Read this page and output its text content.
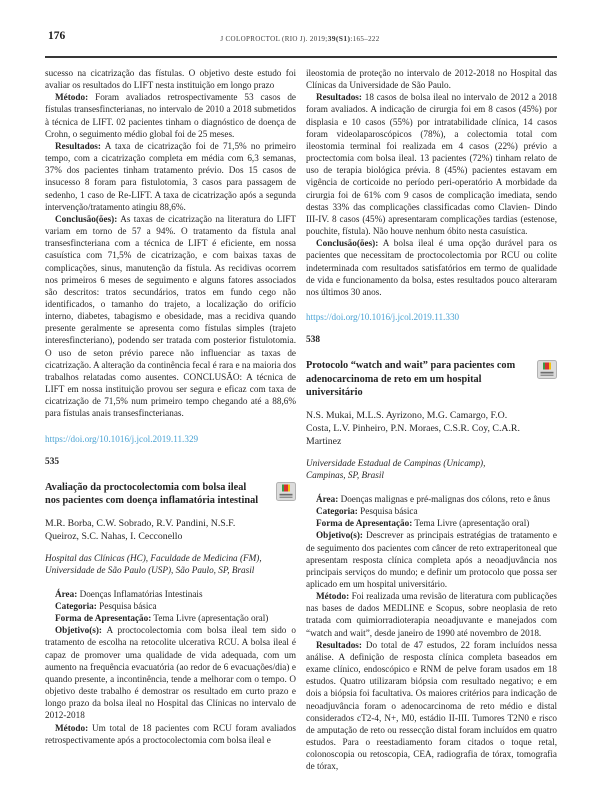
176	J COLOPROCTOL (RIO J). 2019;39(S1):165–222

sucesso na cicatrização das fístulas. O objetivo deste estudo foi avaliar os resultados do LIFT nesta instituição em longo prazo

Método: Foram avaliados retrospectivamente 53 casos de fístulas transesfincterianas, no intervalo de 2010 a 2018 submetidos à técnica de LIFT. 02 pacientes tinham o diagnóstico de doença de Crohn, o seguimento médio global foi de 25 meses.

Resultados: A taxa de cicatrização foi de 71,5% no primeiro tempo, com a cicatrização completa em média com 6,3 semanas, 37% dos pacientes tinham tratamento prévio. Dos 15 casos de insucesso 8 foram para fistulotomia, 3 casos para passagem de sedenho, 1 caso de Re-LIFT. A taxa de cicatrização após a segunda intervenção/tratamento atingiu 88,6%.

Conclusão(ões): As taxas de cicatrização na literatura do LIFT variam em torno de 57 a 94%. O tratamento da fístula anal transesfincteriana com a técnica de LIFT é eficiente, em nossa casuística com 71,5% de cicatrização, e com baixas taxas de complicações, sinus, manutenção da fístula. As recidivas ocorrem nos primeiros 6 meses de seguimento e alguns fatores associados são descritos: tratos secundários, tratos em fundo cego não identificados, o tamanho do trajeto, a localização do orifício interno, diabetes, tabagismo e obesidade, mas a recidiva quando presente geralmente se apresenta como fístulas simples (trajeto interesfincteriano), podendo ser tratada com posterior fistulotomia. O uso de seton prévio parece não influenciar as taxas de cicatrização. A alteração da continência fecal é rara e na maioria dos trabalhos relatadas como ausentes. CONCLUSÃO: A técnica de LIFT em nossa instituição provou ser segura e eficaz com taxa de cicatrização de 71,5% num primeiro tempo chegando até a 88,6% para fístulas anais transesfincterianas.

https://doi.org/10.1016/j.jcol.2019.11.329

535

Avaliação da proctocolectomia com bolsa ileal nos pacientes com doença inflamatória intestinal

M.R. Borba, C.W. Sobrado, R.V. Pandini, N.S.F. Queiroz, S.C. Nahas, I. Cecconello

Hospital das Clínicas (HC), Faculdade de Medicina (FM), Universidade de São Paulo (USP), São Paulo, SP, Brasil

Área: Doenças Inflamatórias Intestinais

Categoria: Pesquisa básica

Forma de Apresentação: Tema Livre (apresentação oral)

Objetivo(s): A proctocolectomia com bolsa ileal tem sido o tratamento de escolha na retocolite ulcerativa RCU. A bolsa ileal é capaz de promover uma qualidade de vida adequada, com um aumento na frequência evacuatória (ao redor de 6 evacuações/dia) e quando presente, a incontinência, tende a melhorar com o tempo. O objetivo deste trabalho é demostrar os resultado em curto prazo e longo prazo da bolsa ileal no Hospital das Clínicas no intervalo de 2012-2018

Método: Um total de 18 pacientes com RCU foram avaliados retrospectivamente após a proctocolectomia com bolsa ileal e

ileostomia de proteção no intervalo de 2012-2018 no Hospital das Clínicas da Universidade de São Paulo.

Resultados: 18 casos de bolsa ileal no intervalo de 2012 a 2018 foram avaliados. A indicação de cirurgia foi em 8 casos (45%) por displasia e 10 casos (55%) por intratabilidade clínica, 14 casos foram videolaparoscópicos (78%), a colectomia total com ileostomia terminal foi realizada em 4 casos (22%) prévio a proctectomia com bolsa ileal. 13 pacientes (72%) tinham relato de uso de terapia biológica prévia. 8 (45%) pacientes estavam em vigência de corticoide no período peri-operatório A morbidade da cirurgia foi de 61% com 9 casos de complicação imediata, sendo destas 33% das complicações classificadas como Clavien- Dindo III-IV. 8 casos (45%) apresentaram complicações tardias (estenose, pouchite, fístula). Não houve nenhum óbito nesta casuística.

Conclusão(ões): A bolsa ileal é uma opção durável para os pacientes que necessitam de proctocolectomia por RCU ou colite indeterminada com resultados satisfatórios em termo de qualidade de vida e funcionamento da bolsa, estes resultados pouco alteraram nos últimos 30 anos.

https://doi.org/10.1016/j.jcol.2019.11.330

538

Protocolo “watch and wait” para pacientes com adenocarcinoma de reto em um hospital universitário

N.S. Mukai, M.L.S. Ayrizono, M.G. Camargo, F.O. Costa, L.V. Pinheiro, P.N. Moraes, C.S.R. Coy, C.A.R. Martinez

Universidade Estadual de Campinas (Unicamp), Campinas, SP, Brasil

Área: Doenças malignas e pré-malignas dos cólons, reto e ânus

Categoria: Pesquisa básica

Forma de Apresentação: Tema Livre (apresentação oral)

Objetivo(s): Descrever as principais estratégias de tratamento e de seguimento dos pacientes com câncer de reto extraperitoneal que apresentam resposta clínica completa após a neoadjuvância nos principais serviços do mundo; e definir um protocolo que possa ser aplicado em um hospital universitário.

Método: Foi realizada uma revisão de literatura com publicações nas bases de dados MEDLINE e Scopus, sobre neoplasia de reto tratada com quimiorradioterapia neoadjuvante e manejados com “watch and wait”, desde janeiro de 1990 até novembro de 2018.

Resultados: Do total de 47 estudos, 22 foram incluídos nessa análise. A definição de resposta clínica completa baseados em exame clínico, endoscópico e RNM de pelve foram usados em 18 estudos. Quatro utilizaram biópsia com resultado negativo; e em dois a biópsia foi facultativa. Os maiores critérios para indicação de neoadjuvância foram o adenocarcinoma de reto médio e distal considerados cT2-4, N+, M0, estádio II-III. Tumores T2N0 e risco de amputação de reto ou ressecção distal foram incluídos em quatro estudos. Para o reestadiamento foram citados o toque retal, colonoscopia ou retoscopia, CEA, radiografia de tórax, tomografia de tórax,
